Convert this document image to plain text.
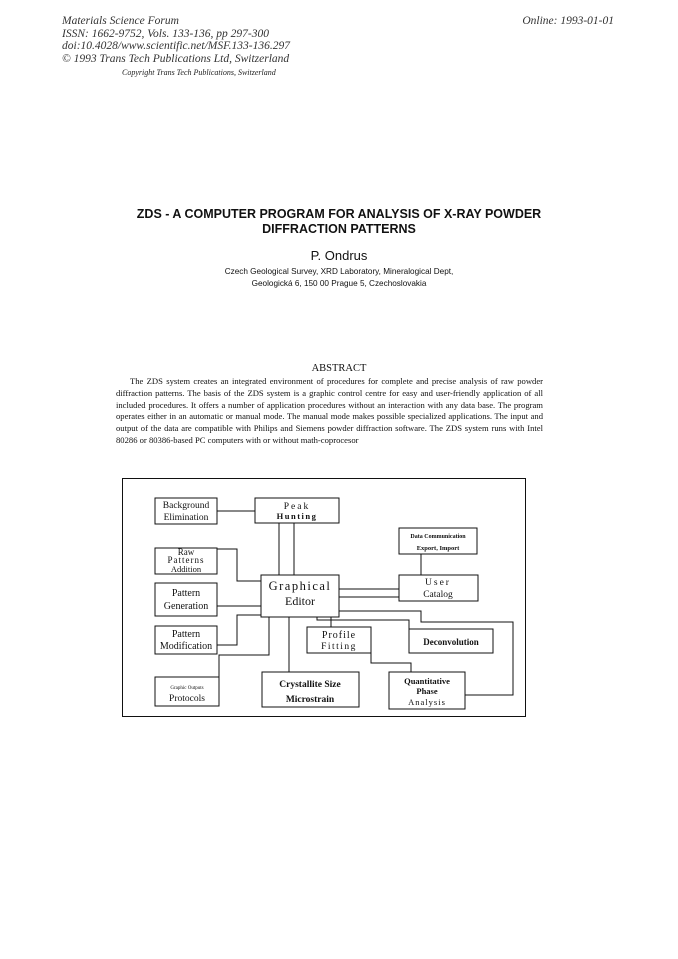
Materials Science Forum
ISSN: 1662-9752, Vols. 133-136, pp 297-300
doi:10.4028/www.scientific.net/MSF.133-136.297
© 1993 Trans Tech Publications Ltd, Switzerland
Online: 1993-01-01
Copyright Trans Tech Publications, Switzerland
ZDS - A COMPUTER PROGRAM FOR ANALYSIS OF X-RAY POWDER
DIFFRACTION PATTERNS
P. Ondrus
Czech Geological Survey, XRD Laboratory, Mineralogical Dept,
Geologická 6, 150 00 Prague 5, Czechoslovakia
ABSTRACT
The ZDS system creates an integrated environment of procedures for complete and precise analysis of raw powder diffraction patterns. The basis of the ZDS system is a graphic control centre for easy and user-friendly application of all included procedures. It offers a number of application procedures without an interaction with any data base. The program operates either in an automatic or manual mode. The manual mode makes possible specialized applications. The input and output of the data are compatible with Philips and Siemens powder diffraction software. The ZDS system runs with Intel 80286 or 80386-based PC computers with or without math-coprocesor
Background
Elimination
Peak
Hunting
Data Communication
Export, Import
Raw
Patterns
Addition
Graphical
Editor
User
Catalog
Pattern
Generation
Pattern
Modification
Profile
Fitting	Deconvolution
Graphic Outputs
Protocols
Crystallite Size
Microstrain
Quantitative
Phase
Analysis
